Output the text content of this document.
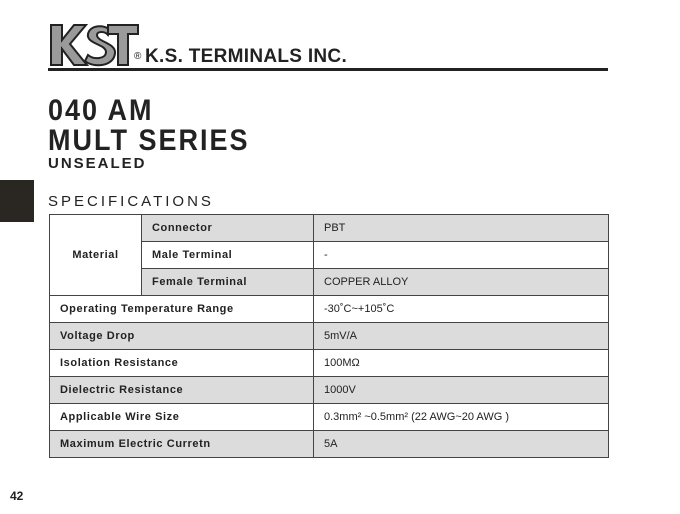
® K.S. TERMINALS INC.
040 AM
MULT SERIES
UNSEALED
SPECIFICATIONS
Material	Connector	PBT
	Male Terminal	-
	Female Terminal	COPPER ALLOY
Operating Temperature Range		-30˚C~+105˚C
Voltage Drop		5mV/A
Isolation Resistance		100MΩ
Dielectric Resistance		1000V
Applicable Wire Size		0.3mm² ~0.5mm² (22 AWG~20 AWG )
Maximum Electric Curretn		5A
42
